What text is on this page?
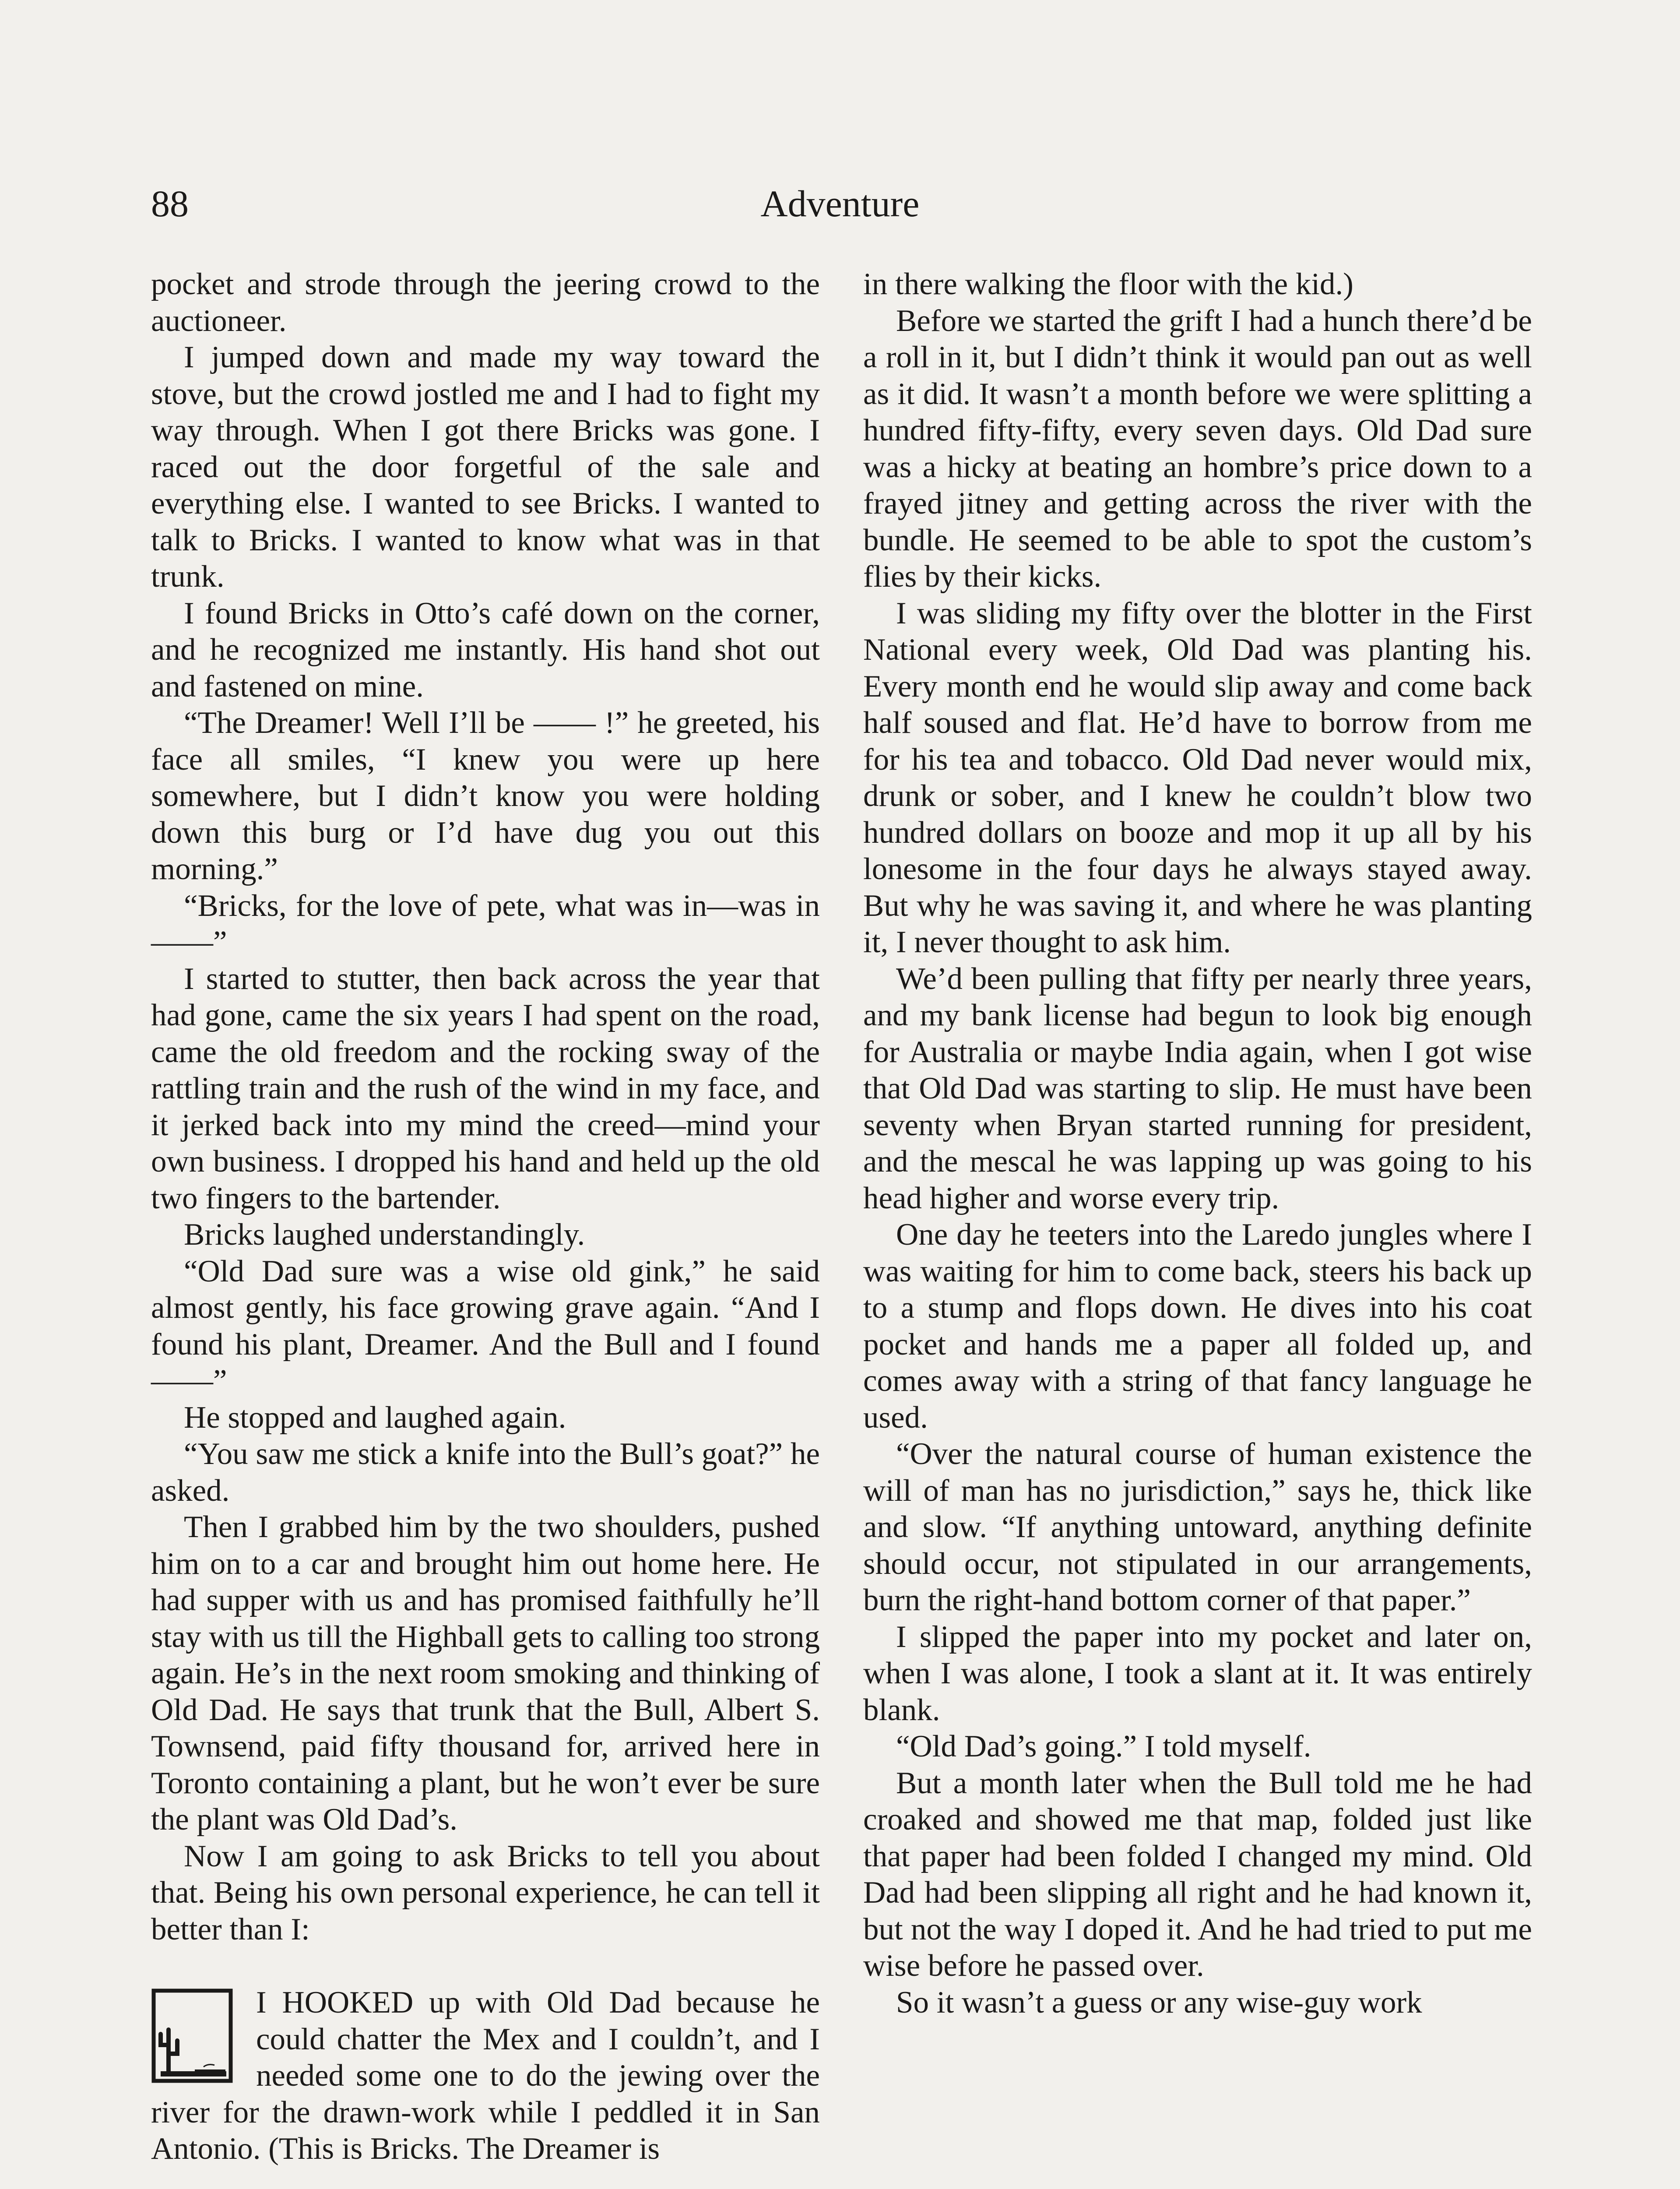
88	Adventure

pocket and strode through the jeering crowd to the auctioneer.

I jumped down and made my way toward the stove, but the crowd jostled me and I had to fight my way through. When I got there Bricks was gone. I raced out the door forgetful of the sale and everything else. I wanted to see Bricks. I wanted to talk to Bricks. I wanted to know what was in that trunk.

I found Bricks in Otto’s café down on the corner, and he recognized me instantly. His hand shot out and fastened on mine.

“The Dreamer! Well I’ll be —— !” he greeted, his face all smiles, “I knew you were up here somewhere, but I didn’t know you were holding down this burg or I’d have dug you out this morning.”

“Bricks, for the love of pete, what was in—was in——”

I started to stutter, then back across the year that had gone, came the six years I had spent on the road, came the old freedom and the rocking sway of the rattling train and the rush of the wind in my face, and it jerked back into my mind the creed—mind your own business. I dropped his hand and held up the old two fingers to the bartender.

Bricks laughed understandingly.

“Old Dad sure was a wise old gink,” he said almost gently, his face growing grave again. “And I found his plant, Dreamer. And the Bull and I found——”

He stopped and laughed again.

“You saw me stick a knife into the Bull’s goat?” he asked.

Then I grabbed him by the two shoulders, pushed him on to a car and brought him out home here. He had supper with us and has promised faithfully he’ll stay with us till the Highball gets to calling too strong again. He’s in the next room smoking and thinking of Old Dad. He says that trunk that the Bull, Albert S. Townsend, paid fifty thousand for, arrived here in Toronto containing a plant, but he won’t ever be sure the plant was Old Dad’s.

Now I am going to ask Bricks to tell you about that. Being his own personal experience, he can tell it better than I:

I HOOKED up with Old Dad because he could chatter the Mex and I couldn’t, and I needed some one to do the jewing over the river for the drawn-work while I peddled it in San Antonio. (This is Bricks. The Dreamer is

in there walking the floor with the kid.)

Before we started the grift I had a hunch there’d be a roll in it, but I didn’t think it would pan out as well as it did. It wasn’t a month before we were splitting a hundred fifty-fifty, every seven days. Old Dad sure was a hicky at beating an hombre’s price down to a frayed jitney and getting across the river with the bundle. He seemed to be able to spot the custom’s flies by their kicks.

I was sliding my fifty over the blotter in the First National every week, Old Dad was planting his. Every month end he would slip away and come back half soused and flat. He’d have to borrow from me for his tea and tobacco. Old Dad never would mix, drunk or sober, and I knew he couldn’t blow two hundred dollars on booze and mop it up all by his lonesome in the four days he always stayed away. But why he was saving it, and where he was planting it, I never thought to ask him.

We’d been pulling that fifty per nearly three years, and my bank license had begun to look big enough for Australia or maybe India again, when I got wise that Old Dad was starting to slip. He must have been seventy when Bryan started running for president, and the mescal he was lapping up was going to his head higher and worse every trip.

One day he teeters into the Laredo jungles where I was waiting for him to come back, steers his back up to a stump and flops down. He dives into his coat pocket and hands me a paper all folded up, and comes away with a string of that fancy language he used.

“Over the natural course of human existence the will of man has no jurisdiction,” says he, thick like and slow. “If anything untoward, anything definite should occur, not stipulated in our arrangements, burn the right-hand bottom corner of that paper.”

I slipped the paper into my pocket and later on, when I was alone, I took a slant at it. It was entirely blank.

“Old Dad’s going.” I told myself.

But a month later when the Bull told me he had croaked and showed me that map, folded just like that paper had been folded I changed my mind. Old Dad had been slipping all right and he had known it, but not the way I doped it. And he had tried to put me wise before he passed over.

So it wasn’t a guess or any wise-guy work
